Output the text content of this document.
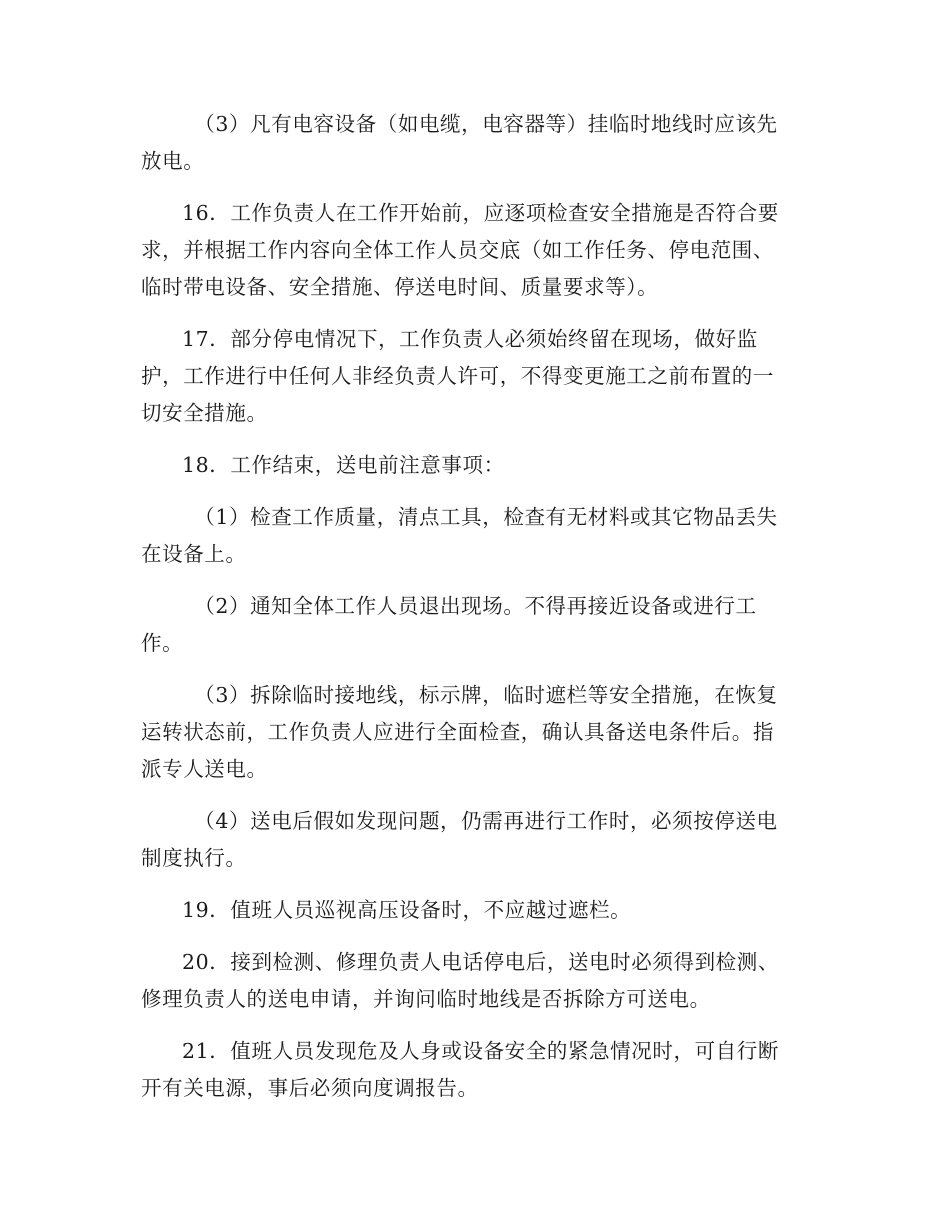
（3）凡有电容设备（如电缆，电容器等）挂临时地线时应该先
放电。
16．工作负责人在工作开始前，应逐项检查安全措施是否符合要
求，并根据工作内容向全体工作人员交底（如工作任务、停电范围、
临时带电设备、安全措施、停送电时间、质量要求等）。
17．部分停电情况下，工作负责人必须始终留在现场，做好监
护，工作进行中任何人非经负责人许可，不得变更施工之前布置的一
切安全措施。
18．工作结束，送电前注意事项：
（1）检查工作质量，清点工具，检查有无材料或其它物品丢失
在设备上。
（2）通知全体工作人员退出现场。不得再接近设备或进行工
作。
（3）拆除临时接地线，标示牌，临时遮栏等安全措施，在恢复
运转状态前，工作负责人应进行全面检查，确认具备送电条件后。指
派专人送电。
（4）送电后假如发现问题，仍需再进行工作时，必须按停送电
制度执行。
19．值班人员巡视高压设备时，不应越过遮栏。
20．接到检测、修理负责人电话停电后，送电时必须得到检测、
修理负责人的送电申请，并询问临时地线是否拆除方可送电。
21．值班人员发现危及人身或设备安全的紧急情况时，可自行断
开有关电源，事后必须向度调报告。
